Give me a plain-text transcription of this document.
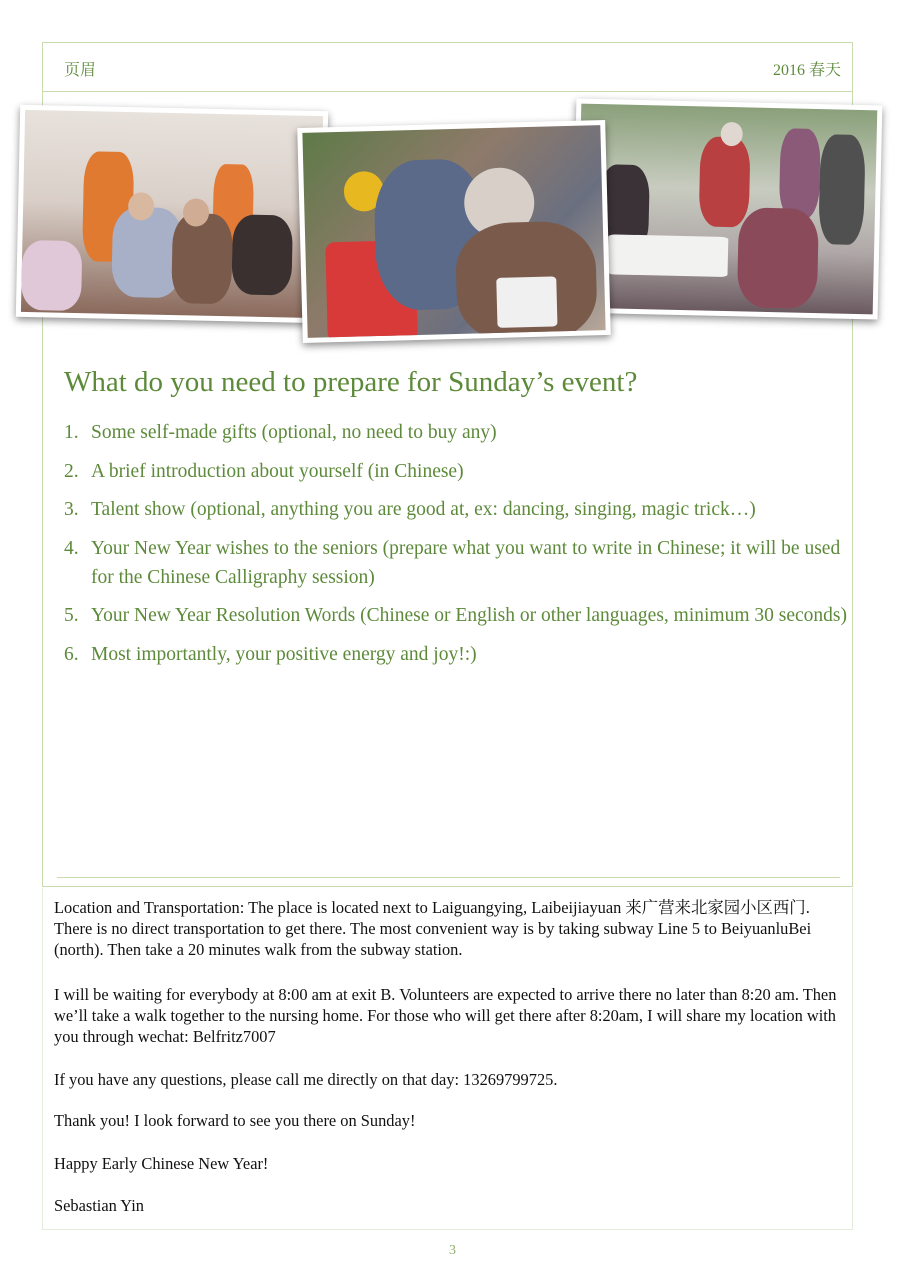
页眉	2016 春天
What do you need to prepare for Sunday’s event?
1. Some self-made gifts (optional, no need to buy any)
2. A brief introduction about yourself (in Chinese)
3. Talent show (optional, anything you are good at, ex: dancing, singing, magic trick…)
4. Your New Year wishes to the seniors (prepare what you want to write in Chinese; it will be used for the Chinese Calligraphy session)
5. Your New Year Resolution Words (Chinese or English or other languages, minimum 30 seconds)
6. Most importantly, your positive energy and joy!:)

Location and Transportation: The place is located next to Laiguangying, Laibeijiayuan 来广营来北家园小区西门. There is no direct transportation to get there. The most convenient way is by taking subway Line 5 to BeiyuanluBei (north). Then take a 20 minutes walk from the subway station.

I will be waiting for everybody at 8:00 am at exit B. Volunteers are expected to arrive there no later than 8:20 am. Then we’ll take a walk together to the nursing home. For those who will get there after 8:20am, I will share my location with you through wechat: Belfritz7007

If you have any questions, please call me directly on that day: 13269799725.

Thank you! I look forward to see you there on Sunday!

Happy Early Chinese New Year!

Sebastian Yin

3
